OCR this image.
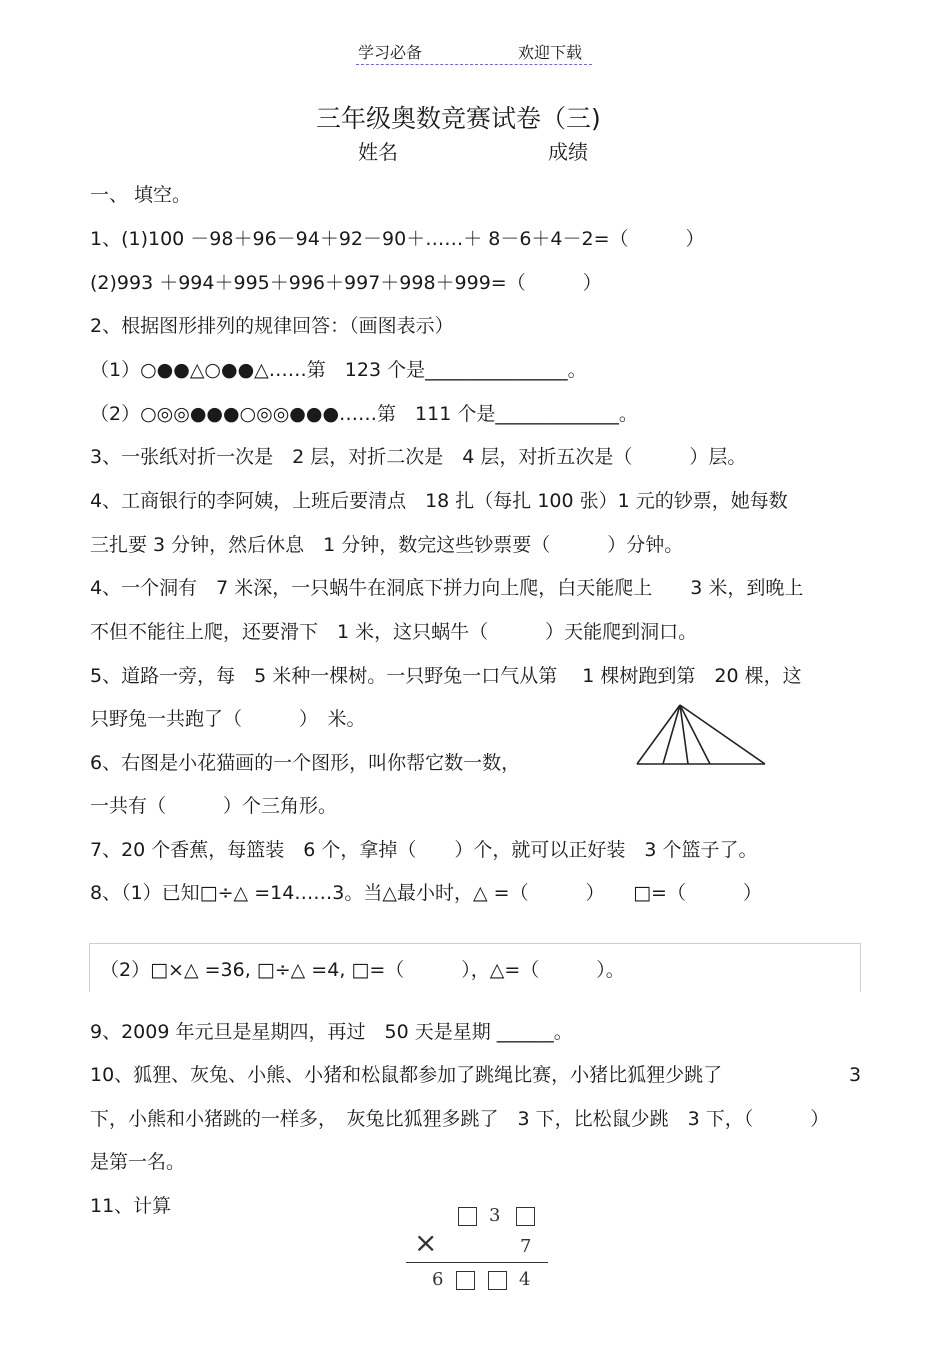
学习必备	欢迎下载
三年级奥数竞赛试卷（三)
姓名	成绩
一、 填空。
1、(1)100 －98＋96－94＋92－90＋……＋ 8－6＋4－2=（　　　）
(2)993 ＋994＋995＋996＋997＋998＋999=（　　　）
2、根据图形排列的规律回答：（画图表示）
（1）○●●△○●●△……第　123 个是_______________。
（2）○◎◎●●●○◎◎●●●……第　111 个是_____________。
3、一张纸对折一次是　2 层，对折二次是　4 层，对折五次是（　　　）层。
4、工商银行的李阿姨，上班后要清点　18 扎（每扎 100 张）1 元的钞票，她每数
三扎要 3 分钟，然后休息　1 分钟，数完这些钞票要（　　　）分钟。
4、一个洞有　7 米深，一只蜗牛在洞底下拼力向上爬，白天能爬上　　3 米，到晚上
不但不能往上爬，还要滑下　1 米，这只蜗牛（　　　）天能爬到洞口。
5、道路一旁，每　5 米种一棵树。一只野兔一口气从第　 1 棵树跑到第　20 棵，这
只野兔一共跑了（　　　）　米。
6、右图是小花猫画的一个图形，叫你帮它数一数，
一共有（　　　）个三角形。
7、20 个香蕉，每篮装　6 个，拿掉（　　）个，就可以正好装　3 个篮子了。
8、（1）已知□÷△ =14……3。当△最小时，△ =（　　　）　　□=（　　　）
（2）□×△ =36, □÷△ =4, □=（　　　），△=（　　　）。
9、2009 年元旦是星期四，再过　50 天是星期 ______。
10、狐狸、灰兔、小熊、小猪和松鼠都参加了跳绳比赛，小猪比狐狸少跳了	3
下，小熊和小猪跳的一样多，　灰兔比狐狸多跳了　3 下，比松鼠少跳　3 下，（　　　）
是第一名。
11、计算	3
×	7
6	4
